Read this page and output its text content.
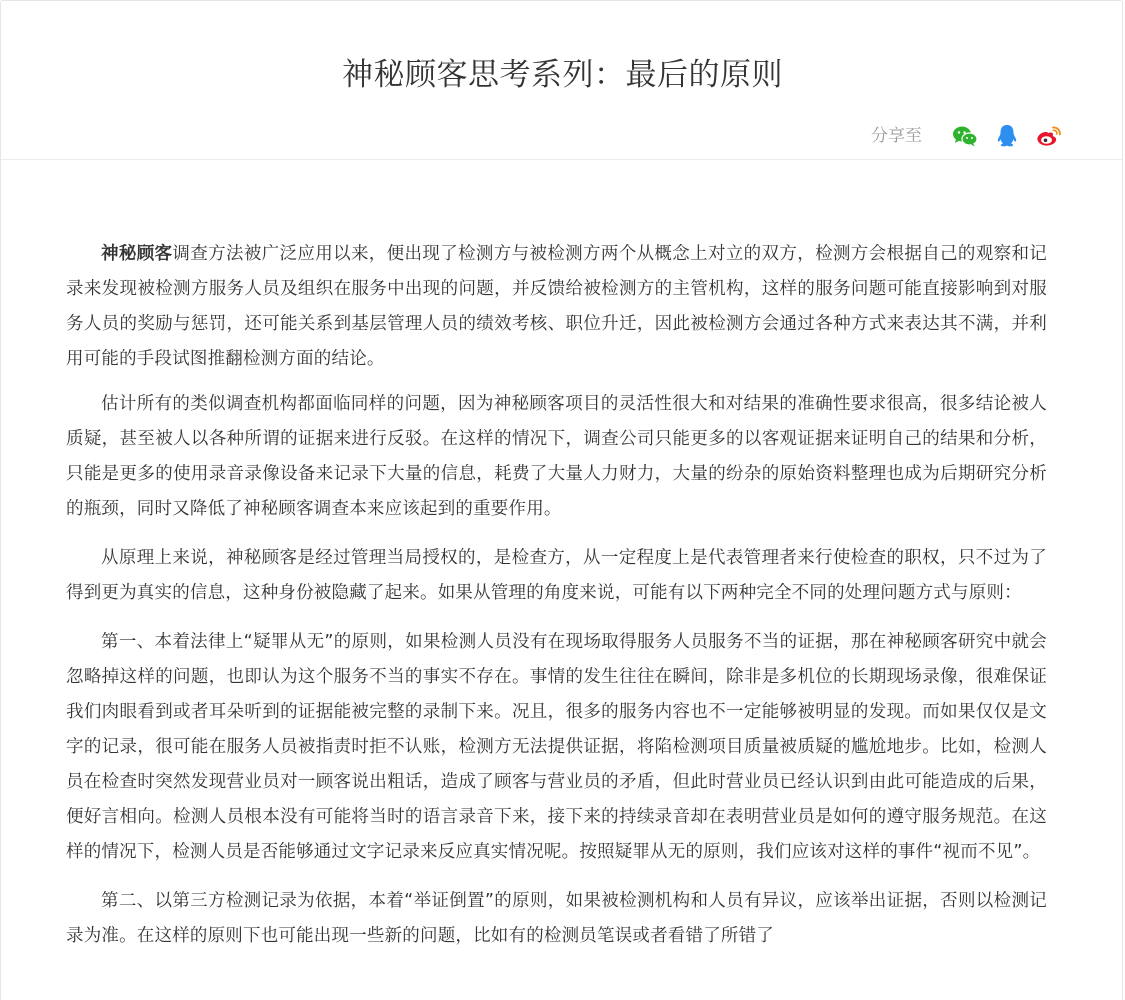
神秘顾客思考系列：最后的原则
分享至

神秘顾客调查方法被广泛应用以来，便出现了检测方与被检测方两个从概念上对立的双方，检测方会根据自己的观察和记录来发现被检测方服务人员及组织在服务中出现的问题，并反馈给被检测方的主管机构，这样的服务问题可能直接影响到对服务人员的奖励与惩罚，还可能关系到基层管理人员的绩效考核、职位升迁，因此被检测方会通过各种方式来表达其不满，并利用可能的手段试图推翻检测方面的结论。

估计所有的类似调查机构都面临同样的问题，因为神秘顾客项目的灵活性很大和对结果的准确性要求很高，很多结论被人质疑，甚至被人以各种所谓的证据来进行反驳。在这样的情况下，调查公司只能更多的以客观证据来证明自己的结果和分析，只能是更多的使用录音录像设备来记录下大量的信息，耗费了大量人力财力，大量的纷杂的原始资料整理也成为后期研究分析的瓶颈，同时又降低了神秘顾客调查本来应该起到的重要作用。

从原理上来说，神秘顾客是经过管理当局授权的，是检查方，从一定程度上是代表管理者来行使检查的职权，只不过为了得到更为真实的信息，这种身份被隐藏了起来。如果从管理的角度来说，可能有以下两种完全不同的处理问题方式与原则：

第一、本着法律上“疑罪从无”的原则，如果检测人员没有在现场取得服务人员服务不当的证据，那在神秘顾客研究中就会忽略掉这样的问题，也即认为这个服务不当的事实不存在。事情的发生往往在瞬间，除非是多机位的长期现场录像，很难保证我们肉眼看到或者耳朵听到的证据能被完整的录制下来。况且，很多的服务内容也不一定能够被明显的发现。而如果仅仅是文字的记录，很可能在服务人员被指责时拒不认账，检测方无法提供证据，将陷检测项目质量被质疑的尴尬地步。比如，检测人员在检查时突然发现营业员对一顾客说出粗话，造成了顾客与营业员的矛盾，但此时营业员已经认识到由此可能造成的后果，便好言相向。检测人员根本没有可能将当时的语言录音下来，接下来的持续录音却在表明营业员是如何的遵守服务规范。在这样的情况下，检测人员是否能够通过文字记录来反应真实情况呢。按照疑罪从无的原则，我们应该对这样的事件“视而不见”。

第二、以第三方检测记录为依据，本着“举证倒置”的原则，如果被检测机构和人员有异议，应该举出证据，否则以检测记录为准。在这样的原则下也可能出现一些新的问题，比如有的检测员笔误或者看错了所错了
